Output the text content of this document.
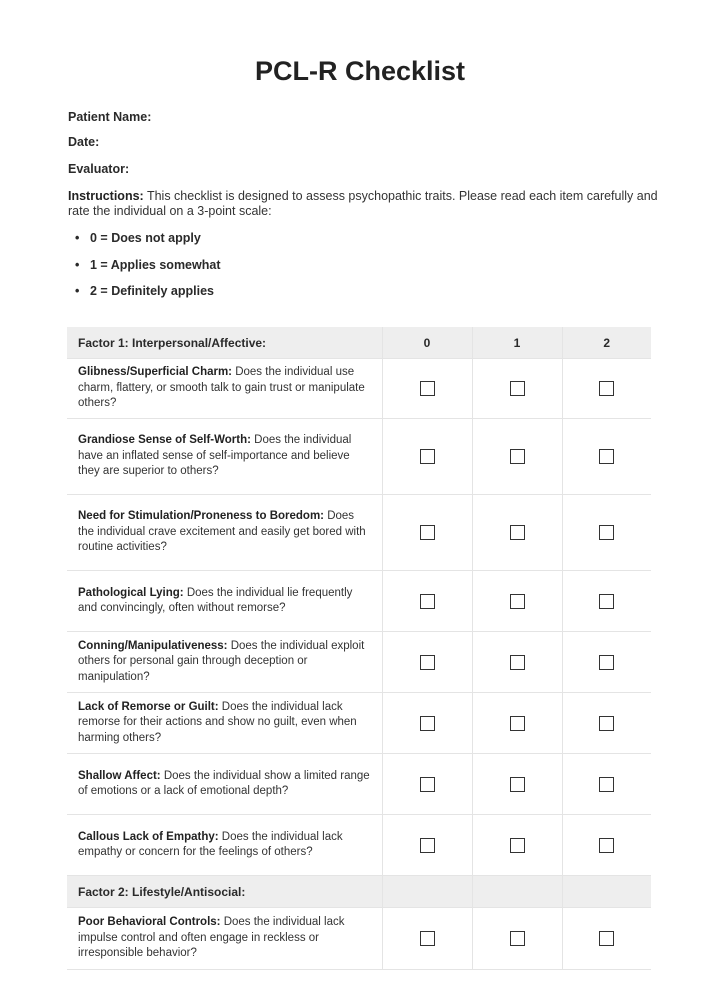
PCL-R Checklist
Patient Name:
Date:
Evaluator:
Instructions: This checklist is designed to assess psychopathic traits. Please read each item carefully and rate the individual on a 3-point scale:
• 0 = Does not apply
• 1 = Applies somewhat
• 2 = Definitely applies
Factor 1: Interpersonal/Affective:	0	1	2
Glibness/Superficial Charm: Does the individual use charm, flattery, or smooth talk to gain trust or manipulate others?			
Grandiose Sense of Self-Worth: Does the individual have an inflated sense of self-importance and believe they are superior to others?			
Need for Stimulation/Proneness to Boredom: Does the individual crave excitement and easily get bored with routine activities?			
Pathological Lying: Does the individual lie frequently and convincingly, often without remorse?			
Conning/Manipulativeness: Does the individual exploit others for personal gain through deception or manipulation?			
Lack of Remorse or Guilt: Does the individual lack remorse for their actions and show no guilt, even when harming others?			
Shallow Affect: Does the individual show a limited range of emotions or a lack of emotional depth?			
Callous Lack of Empathy: Does the individual lack empathy or concern for the feelings of others?			
Factor 2: Lifestyle/Antisocial:			
Poor Behavioral Controls: Does the individual lack impulse control and often engage in reckless or irresponsible behavior?			
